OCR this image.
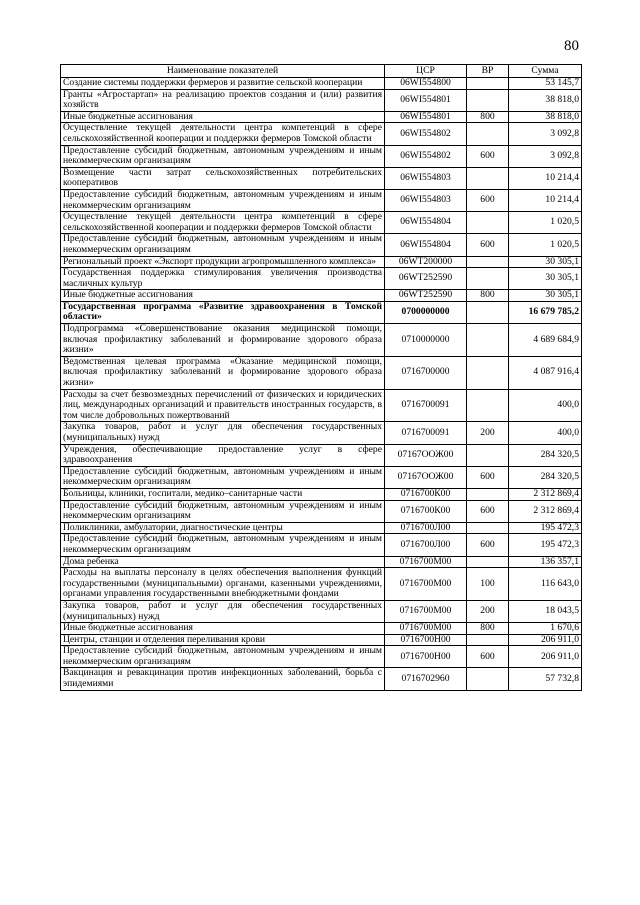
80
Наименование показателей	ЦСР	ВР	Сумма
Создание системы поддержки фермеров и развитие сельской кооперации	06WI554800		53 145,7
Гранты «Агростартап» на реализацию проектов создания и (или) развития хозяйств	06WI554801		38 818,0
Иные бюджетные ассигнования	06WI554801	800	38 818,0
Осуществление текущей деятельности центра компетенций в сфере сельскохозяйственной кооперации и поддержки фермеров Томской области	06WI554802		3 092,8
Предоставление субсидий бюджетным, автономным учреждениям и иным некоммерческим организациям	06WI554802	600	3 092,8
Возмещение части затрат сельскохозяйственных потребительских кооперативов	06WI554803		10 214,4
Предоставление субсидий бюджетным, автономным учреждениям и иным некоммерческим организациям	06WI554803	600	10 214,4
Осуществление текущей деятельности центра компетенций в сфере сельскохозяйственной кооперации и поддержки фермеров Томской области	06WI554804		1 020,5
Предоставление субсидий бюджетным, автономным учреждениям и иным некоммерческим организациям	06WI554804	600	1 020,5
Региональный проект «Экспорт продукции агропромышленного комплекса»	06WT200000		30 305,1
Государственная поддержка стимулирования увеличения производства масличных культур	06WT252590		30 305,1
Иные бюджетные ассигнования	06WT252590	800	30 305,1
Государственная программа «Развитие здравоохранения в Томской области»	0700000000		16 679 785,2
Подпрограмма «Совершенствование оказания медицинской помощи, включая профилактику заболеваний и формирование здорового образа жизни»	0710000000		4 689 684,9
Ведомственная целевая программа «Оказание медицинской помощи, включая профилактику заболеваний и формирование здорового образа жизни»	0716700000		4 087 916,4
Расходы за счет безвозмездных перечислений от физических и юридических лиц, международных организаций и правительств иностранных государств, в том числе добровольных пожертвований	0716700091		400,0
Закупка товаров, работ и услуг для обеспечения государственных (муниципальных) нужд	0716700091	200	400,0
Учреждения, обеспечивающие предоставление услуг в сфере здравоохранения	07167ООЖ00		284 320,5
Предоставление субсидий бюджетным, автономным учреждениям и иным некоммерческим организациям	07167ООЖ00	600	284 320,5
Больницы, клиники, госпитали, медико–санитарные части	0716700К00		2 312 869,4
Предоставление субсидий бюджетным, автономным учреждениям и иным некоммерческим организациям	0716700К00	600	2 312 869,4
Поликлиники, амбулатории, диагностические центры	0716700Л00		195 472,3
Предоставление субсидий бюджетным, автономным учреждениям и иным некоммерческим организациям	0716700Л00	600	195 472,3
Дома ребенка	0716700М00		136 357,1
Расходы на выплаты персоналу в целях обеспечения выполнения функций государственными (муниципальными) органами, казенными учреждениями, органами управления государственными внебюджетными фондами	0716700М00	100	116 643,0
Закупка товаров, работ и услуг для обеспечения государственных (муниципальных) нужд	0716700М00	200	18 043,5
Иные бюджетные ассигнования	0716700М00	800	1 670,6
Центры, станции и отделения переливания крови	0716700Н00		206 911,0
Предоставление субсидий бюджетным, автономным учреждениям и иным некоммерческим организациям	0716700Н00	600	206 911,0
Вакцинация и ревакцинация против инфекционных заболеваний, борьба с эпидемиями	0716702960		57 732,8
